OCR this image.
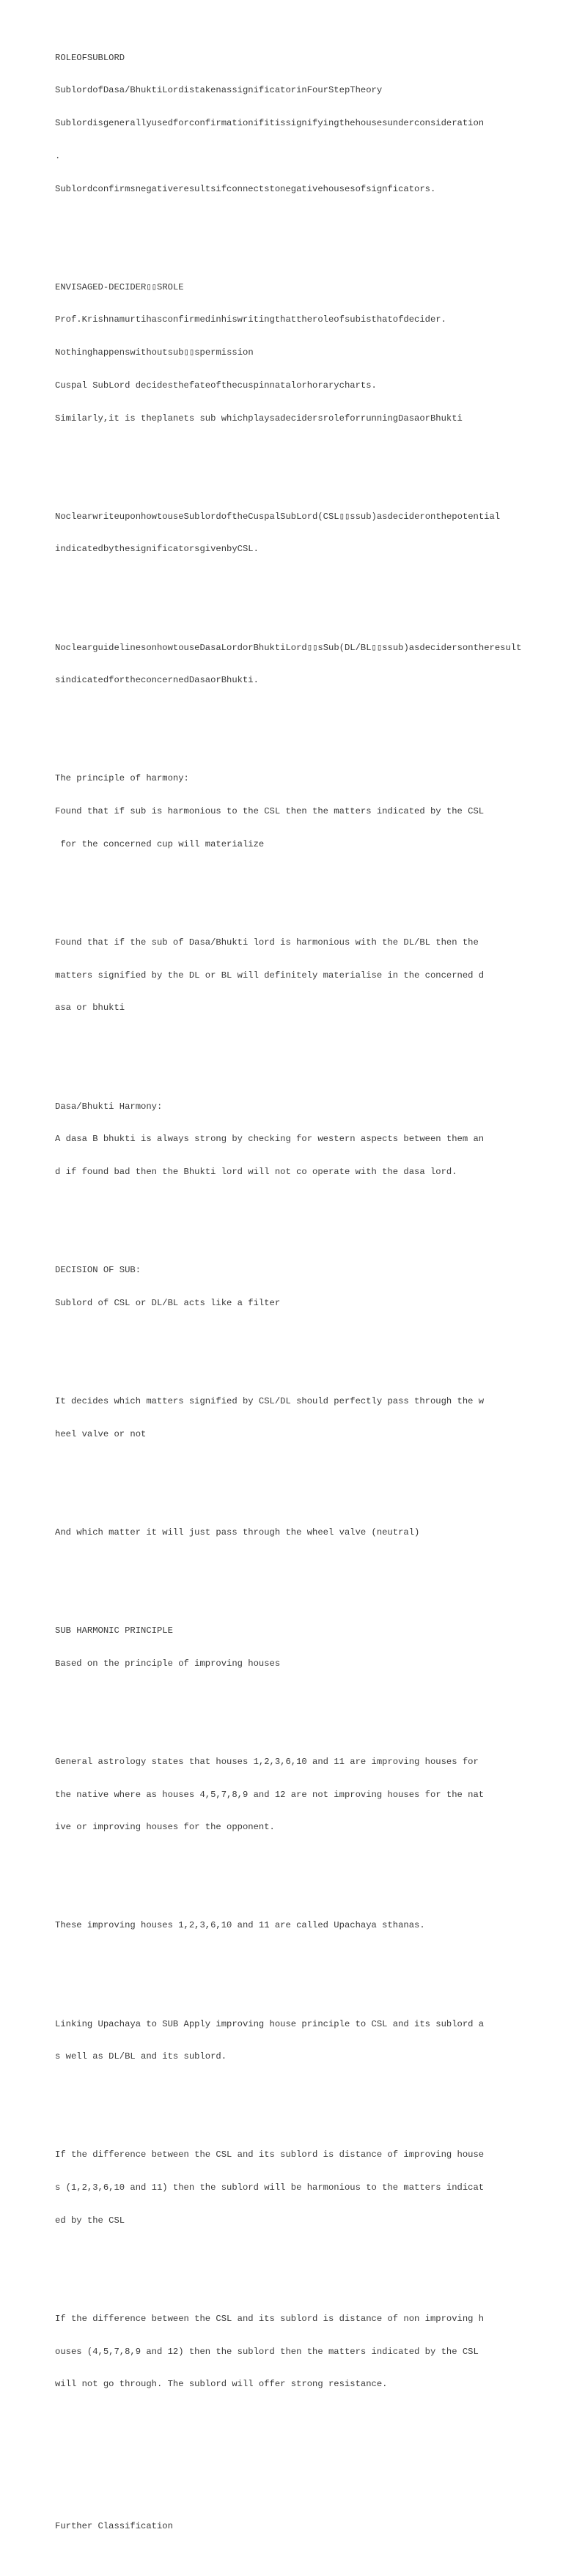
ROLEOFSUBLORD

SublordofDasa/BhuktiLordistakenassignificatorinFourStepTheory

Sublordisgenerallyusedforconfirmationifitissignifyingthehousesunderconsideration

.

Sublordconfirmsnegativeresultsifconnectstonegativehousesofsignficators.

ENVISAGED-DECIDER▯▯SROLE

Prof.Krishnamurtihasconfirmedinhiswritingthattheroleofsubisthatofdecider.

Nothinghappenswithoutsub▯▯spermission

Cuspal SubLord decidesthefateofthecuspinnatalorhorarycharts.

Similarly,it is theplanets sub whichplaysadecidersroleforrunningDasaorBhukti

NoclearwriteuponhowtouseSublordoftheCuspalSubLord(CSL▯▯ssub)asdecideronthepotential

indicatedbythesignificatorsgivenbyCSL.

NoclearguidelinesonhowtouseDasaLordorBhuktiLord▯▯sSub(DL/BL▯▯ssub)asdecidersontheresult

sindicatedfortheconcernedDasaorBhukti.

The principle of harmony:

Found that if sub is harmonious to the CSL then the matters indicated by the CSL

for the concerned cup will materialize

Found that if the sub of Dasa/Bhukti lord is harmonious with the DL/BL then the

matters signified by the DL or BL will definitely materialise in the concerned d

asa or bhukti

Dasa/Bhukti Harmony:

A dasa B bhukti is always strong by checking for western aspects between them an

d if found bad then the Bhukti lord will not co operate with the dasa lord.

DECISION OF SUB:

Sublord of CSL or DL/BL acts like a filter

It decides which matters signified by CSL/DL should perfectly pass through the w

heel valve or not

And which matter it will just pass through the wheel valve (neutral)

SUB HARMONIC PRINCIPLE

Based on the principle of improving houses

General astrology states that houses 1,2,3,6,10 and 11 are improving houses for

the native where as houses 4,5,7,8,9 and 12 are not improving houses for the nat

ive or improving houses for the opponent.

These improving houses 1,2,3,6,10 and 11 are called Upachaya sthanas.

Linking Upachaya to SUB Apply improving house principle to CSL and its sublord a

s well as DL/BL and its sublord.

If the difference between the CSL and its sublord is distance of improving house

s (1,2,3,6,10 and 11) then the sublord will be harmonious to the matters indicat

ed by the CSL

If the difference between the CSL and its sublord is distance of non improving h

ouses (4,5,7,8,9 and 12) then the sublord then the matters indicated by the CSL

will not go through. The sublord will offer strong resistance.

Further Classification
